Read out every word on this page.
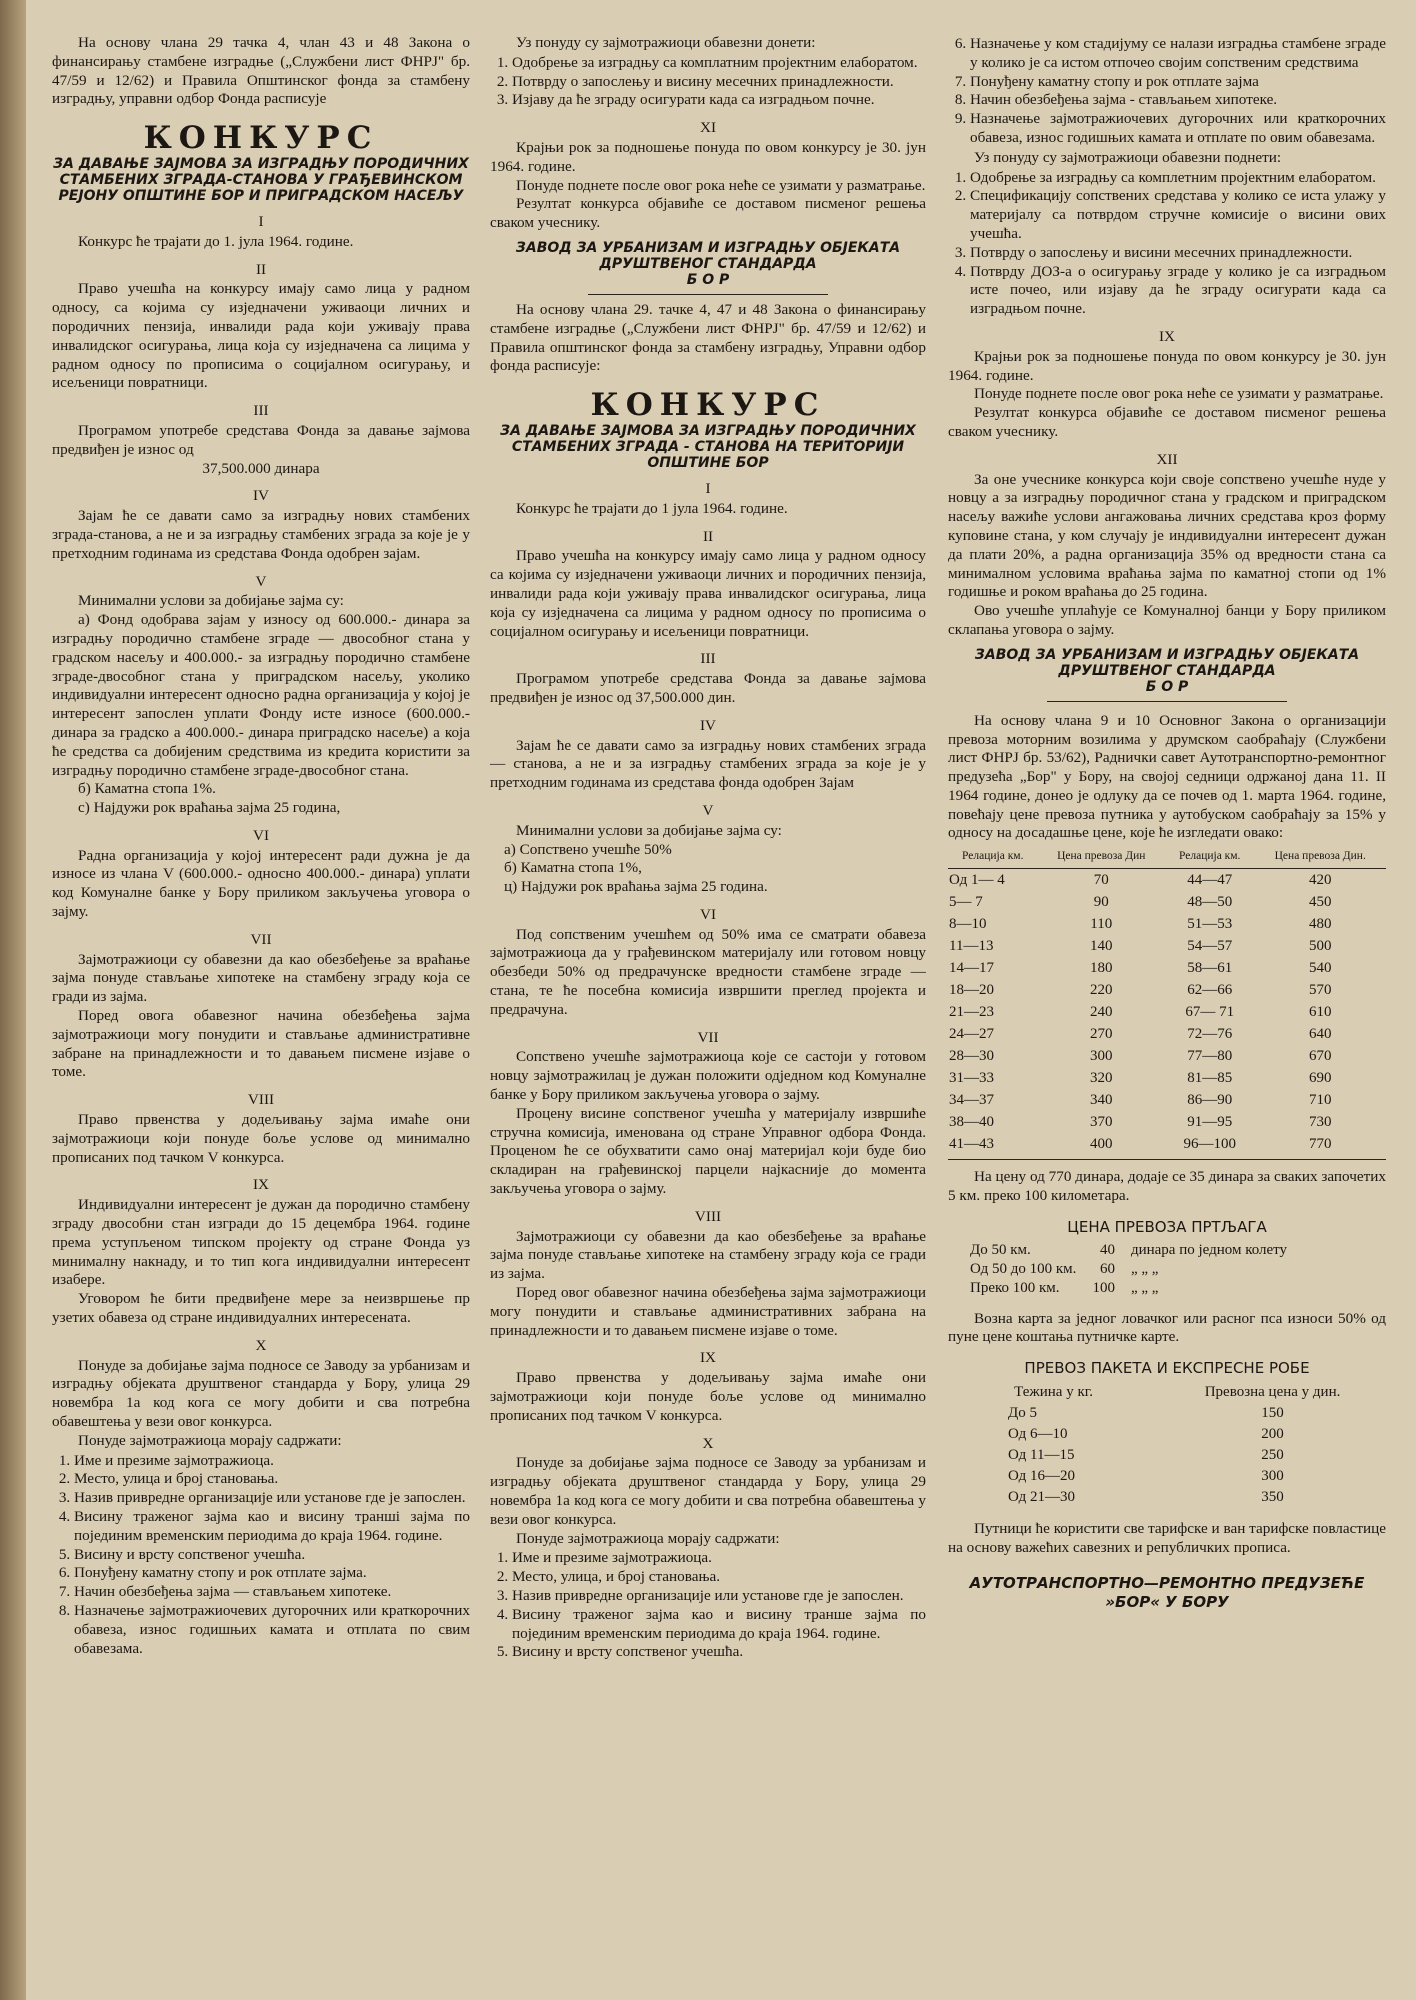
На основу члана 29 тачка 4, члан 43 и 48 Закона о финансирању стамбене изградње („Службени лист ФНРЈ" бр. 47/59 и 12/62) и Правила Општинског фонда за стамбену изградњу, управни одбор Фонда расписује

КОНКУРС
ЗА ДАВАЊЕ ЗАЈМОВА ЗА ИЗГРАДЊУ ПОРОДИЧНИХ СТАМБЕНИХ ЗГРАДА-СТАНОВА У ГРАЂЕВИНСКОМ РЕЈОНУ ОПШТИНЕ БОР И ПРИГРАДСКОМ НАСЕЉУ
I

Конкурс ће трајати до 1. јула 1964. године.

II

Право учешћа на конкурсу имају само лица у радном односу, са којима су изједначени уживаоци личних и породичних пензија, инвалиди рада који уживају права инвалидског осигурања, лица која су изједначена са лицима у радном односу по прописима о социјалном осигурању, и исељеници повратници.

III

Програмом употребе средстава Фонда за давање зајмова предвиђен је износ од

37,500.000 динара
IV

Зајам ће се давати само за изградњу нових стамбених зграда-станова, а не и за изградњу стамбених зграда за које је у претходним годинама из средстава Фонда одобрен зајам.

V

Минимални услови за добијање зајма су:

а) Фонд одобрава зајам у износу од 600.000.- динара за изградњу породично стамбене зграде — двособног стана у градском насељу и 400.000.- за изградњу породично стамбене зграде-двособног стана у приградском насељу, уколико индивидуални интересент односно радна организација у којој је интересент запослен уплати Фонду исте износе (600.000.- динара за градско а 400.000.- динара приградско насеље) а која ће средства са добијеним средствима из кредита користити за изградњу породично стамбене зграде-двособног стана.

б) Каматна стопа 1%.

с) Најдужи рок враћања зајма 25 година,

VI

Радна организација у којој интересент ради дужна је да износе из члана V (600.000.- односно 400.000.- динара) уплати код Комуналне банке у Бору приликом закључења уговора о зајму.

VII

Зајмотражиоци су обавезни да као обезбеђење за враћање зајма понуде стављање хипотеке на стамбену зграду која се гради из зајма.

Поред овога обавезног начина обезбеђења зајма зајмотражиоци могу понудити и стављање административне забране на принадлежности и то давањем писмене изјаве о томе.

VIII

Право првенства у додељивању зајма имаће они зајмотражиоци који понуде боље услове од минимално прописаних под тачком V конкурса.

IX

Индивидуални интересент је дужан да породично стамбену зграду двособни стан изгради до 15 децембра 1964. године према уступљеном типском пројекту од стране Фонда уз минималну накнаду, и то тип кога индивидуални интересент изабере.

Уговором ће бити предвиђене мере за неизвршење пр узетих обавеза од стране индивидуалних интересената.

X

Понуде за добијање зајма подносе се Заводу за урбанизам и изградњу објеката друштвеног стандарда у Бору, улица 29 новембра 1а код кога се могу добити и сва потребна обавештења у вези овог конкурса.

Понуде зајмотражиоца морају садржати:

1. Име и презиме зајмотражиоца.
2. Место, улица и број становања.
3. Назив привредне организације или установе где је запослен.
4. Висину траженог зајма као и висину траншi зајма по појединим временским периодима до краја 1964. године.
5. Висину и врсту сопственог учешћа.
6. Понуђену каматну стопу и рок отплате зајма.
7. Начин обезбеђења зајма — стављањем хипотеке.
8. Назначење зајмотражиочевих дугорочних или краткорочних обавеза, износ годишњих камата и отплата по свим обавезама.

Уз понуду су зајмотражиоци обавезни донети:

1. Одобрење за изградњу са комплатним пројектним елаборатом.
2. Потврду о запослењу и висину месечних принадлежности.
3. Изјаву да ће зграду осигурати када са изградњом почне.
XI

Крајњи рок за подношење понуда по овом конкурсу је 30. јун 1964. године.

Понуде поднете после овог рока неће се узимати у разматрање.

Резултат конкурса објавиће се доставом писменог решења сваком учеснику.

ЗАВОД ЗА УРБАНИЗАМ И ИЗГРАДЊУ ОБЈЕКАТА ДРУШТВЕНОГ СТАНДАРДА
Б О Р

На основу члана 29. тачке 4, 47 и 48 Закона о финансирању стамбене изградње („Службени лист ФНРЈ" бр. 47/59 и 12/62) и Правила општинског фонда за стамбену изградњу, Управни одбор фонда расписује:

КОНКУРС
ЗА ДАВАЊЕ ЗАЈМОВА ЗА ИЗГРАДЊУ ПОРОДИЧНИХ СТАМБЕНИХ ЗГРАДА - СТАНОВА НА ТЕРИТОРИЈИ ОПШТИНЕ БОР
I

Конкурс ће трајати до 1 јула 1964. године.

II

Право учешћа на конкурсу имају само лица у радном односу са којима су изједначени уживаоци личних и породичних пензија, инвалиди рада који уживају права инвалидског осигурања, лица која су изједначена са лицима у радном односу по прописима о социјалном осигурању и исељеници повратници.

III

Програмом употребе средстава Фонда за давање зајмова предвиђен је износ од 37,500.000 дин.

IV

Зајам ће се давати само за изградњу нових стамбених зграда — станова, а не и за изградњу стамбених зграда за које је у претходним годинама из средстава фонда одобрен Зајам

V

Минимални услови за добијање зајма су:

а) Сопствено учешће 50%
б) Каматна стопа 1%,
ц) Најдужи рок враћања зајма 25 година.
VI

Под сопственим учешћем од 50% има се сматрати обавеза зајмотражиоца да у грађевинском материјалу или готовом новцу обезбеди 50% од предрачунске вредности стамбене зграде — стана, те ће посебна комисија извршити преглед пројекта и предрачуна.

VII

Сопствено учешће зајмотражиоца које се састоји у готовом новцу зајмотражилац је дужан положити одједном код Комуналне банке у Бору приликом закључења уговора о зајму.

Процену висине сопственог учешћа у материјалу извршиће стручна комисија, именована од стране Управног одбора Фонда. Проценом ће се обухватити само онај материјал који буде био складиран на грађевинској парцели најкасније до момента закључења уговора о зајму.

VIII

Зајмотражиоци су обавезни да као обезбеђење за враћање зајма понуде стављање хипотеке на стамбену зграду која се гради из зајма.

Поред овог обавезног начина обезбеђења зајма зајмотражиоци могу понудити и стављање административних забрана на принадлежности и то давањем писмене изјаве о томе.

IX

Право првенства у додељивању зајма имаће они зајмотражиоци који понуде боље услове од минимално прописаних под тачком V конкурса.

X

Понуде за добијање зајма подносе се Заводу за урбанизам и изградњу објеката друштвеног стандарда у Бору, улица 29 новембра 1а код кога се могу добити и сва потребна обавештења у вези овог конкурса.

Понуде зајмотражиоца морају садржати:

1. Име и презиме зајмотражиоца.
2. Место, улица, и број становања.
3. Назив привредне организације или установе где је запослен.
4. Висину траженог зајма као и висину траншe зајма по појединим временским периодима до краја 1964. године.
5. Висину и врсту сопственог учешћа.
6. Назначење у ком стадијуму се налази изградња стамбене зграде у колико је са истом отпочео својим сопственим средствима
7. Понуђену каматну стопу и рок отплате зајма
8. Начин обезбеђења зајма - стављањем хипотеке.
9. Назначење зајмотражиочевих дугорочних или краткорочних обавеза, износ годишњих камата и отплате по овим обавезама.

Уз понуду су зајмотражиоци обавезни поднети:

1. Одобрење за изградњу са комплетним пројектним елаборатом.
2. Спецификацију сопствених средстава у колико се иста улажу у материјалу са потврдом стручне комисије о висини ових учешћа.
3. Потврду о запослењу и висини месечних принадлежности.
4. Потврду ДОЗ-а о осигурању зграде у колико је са изградњом исте почео, или изјаву да ће зграду осигурати када са изградњом почне.
IX

Крајњи рок за подношење понуда по овом конкурсу је 30. јун 1964. године.

Понуде поднете после овог рока неће се узимати у разматрање.

Резултат конкурса објавиће се доставом писменог решења сваком учеснику.

XII

За оне учеснике конкурса који своје сопствено учешће нуде у новцу а за изградњу породичног стана у градском и приградском насељу важиће услови ангажовања личних средстава кроз форму куповине стана, у ком случају је индивидуални интересент дужан да плати 20%, а радна организација 35% од вредности стана са минималном условима враћања зајма по каматној стопи од 1% годишње и роком враћања до 25 година.

Ово учешће уплаћује се Комуналној банци у Бору приликом склапања уговора о зајму.

ЗАВОД ЗА УРБАНИЗАМ И ИЗГРАДЊУ ОБЈЕКАТА ДРУШТВЕНОГ СТАНДАРДА
Б О Р

На основу члана 9 и 10 Основног Закона о организацији превоза моторним возилима у друмском саобраћају (Службени лист ФНРЈ бр. 53/62), Раднички савет Аутотранспортно-ремонтног предузећа „Бор" у Бору, на својој седници одржаној дана 11. II 1964 године, донео је одлуку да се почев од 1. марта 1964. године, повећају цене превоза путника у аутобуском саобраћају за 15% у односу на досадашње цене, које ће изгледати овако:

Релација км.	Цена превоза Дин	Релација км.	Цена превоза Дин.
Од 1— 4	70	44—47	420
5— 7	90	48—50	450
8—10	110	51—53	480
11—13	140	54—57	500
14—17	180	58—61	540
18—20	220	62—66	570
21—23	240	67— 71	610
24—27	270	72—76	640
28—30	300	77—80	670
31—33	320	81—85	690
34—37	340	86—90	710
38—40	370	91—95	730
41—43	400	96—100	770

На цену од 770 динара, додаје се 35 динара за сваких започетих 5 км. преко 100 километара.

ЦЕНА ПРЕВОЗА ПРТЉАГА
До 50 км.	40	динара по једном колету
Од 50 до 100 км.	60	„ „ „
Преко 100 км.	100	„ „ „

Возна карта за једног ловачког или расног пса износи 50% од пуне цене коштања путничке карте.

ПРЕВОЗ ПАКЕТА И ЕКСПРЕСНЕ РОБЕ
Тежина у кг.	Превозна цена у дин.
До 5	150
Од 6—10	200
Од 11—15	250
Од 16—20	300
Од 21—30	350

Путници ће користити све тарифске и ван тарифске повластице на основу важећих савезних и републичких прописа.

АУТОТРАНСПОРТНО—РЕМОНТНО ПРЕДУЗЕЋЕ »БОР« У БОРУ
